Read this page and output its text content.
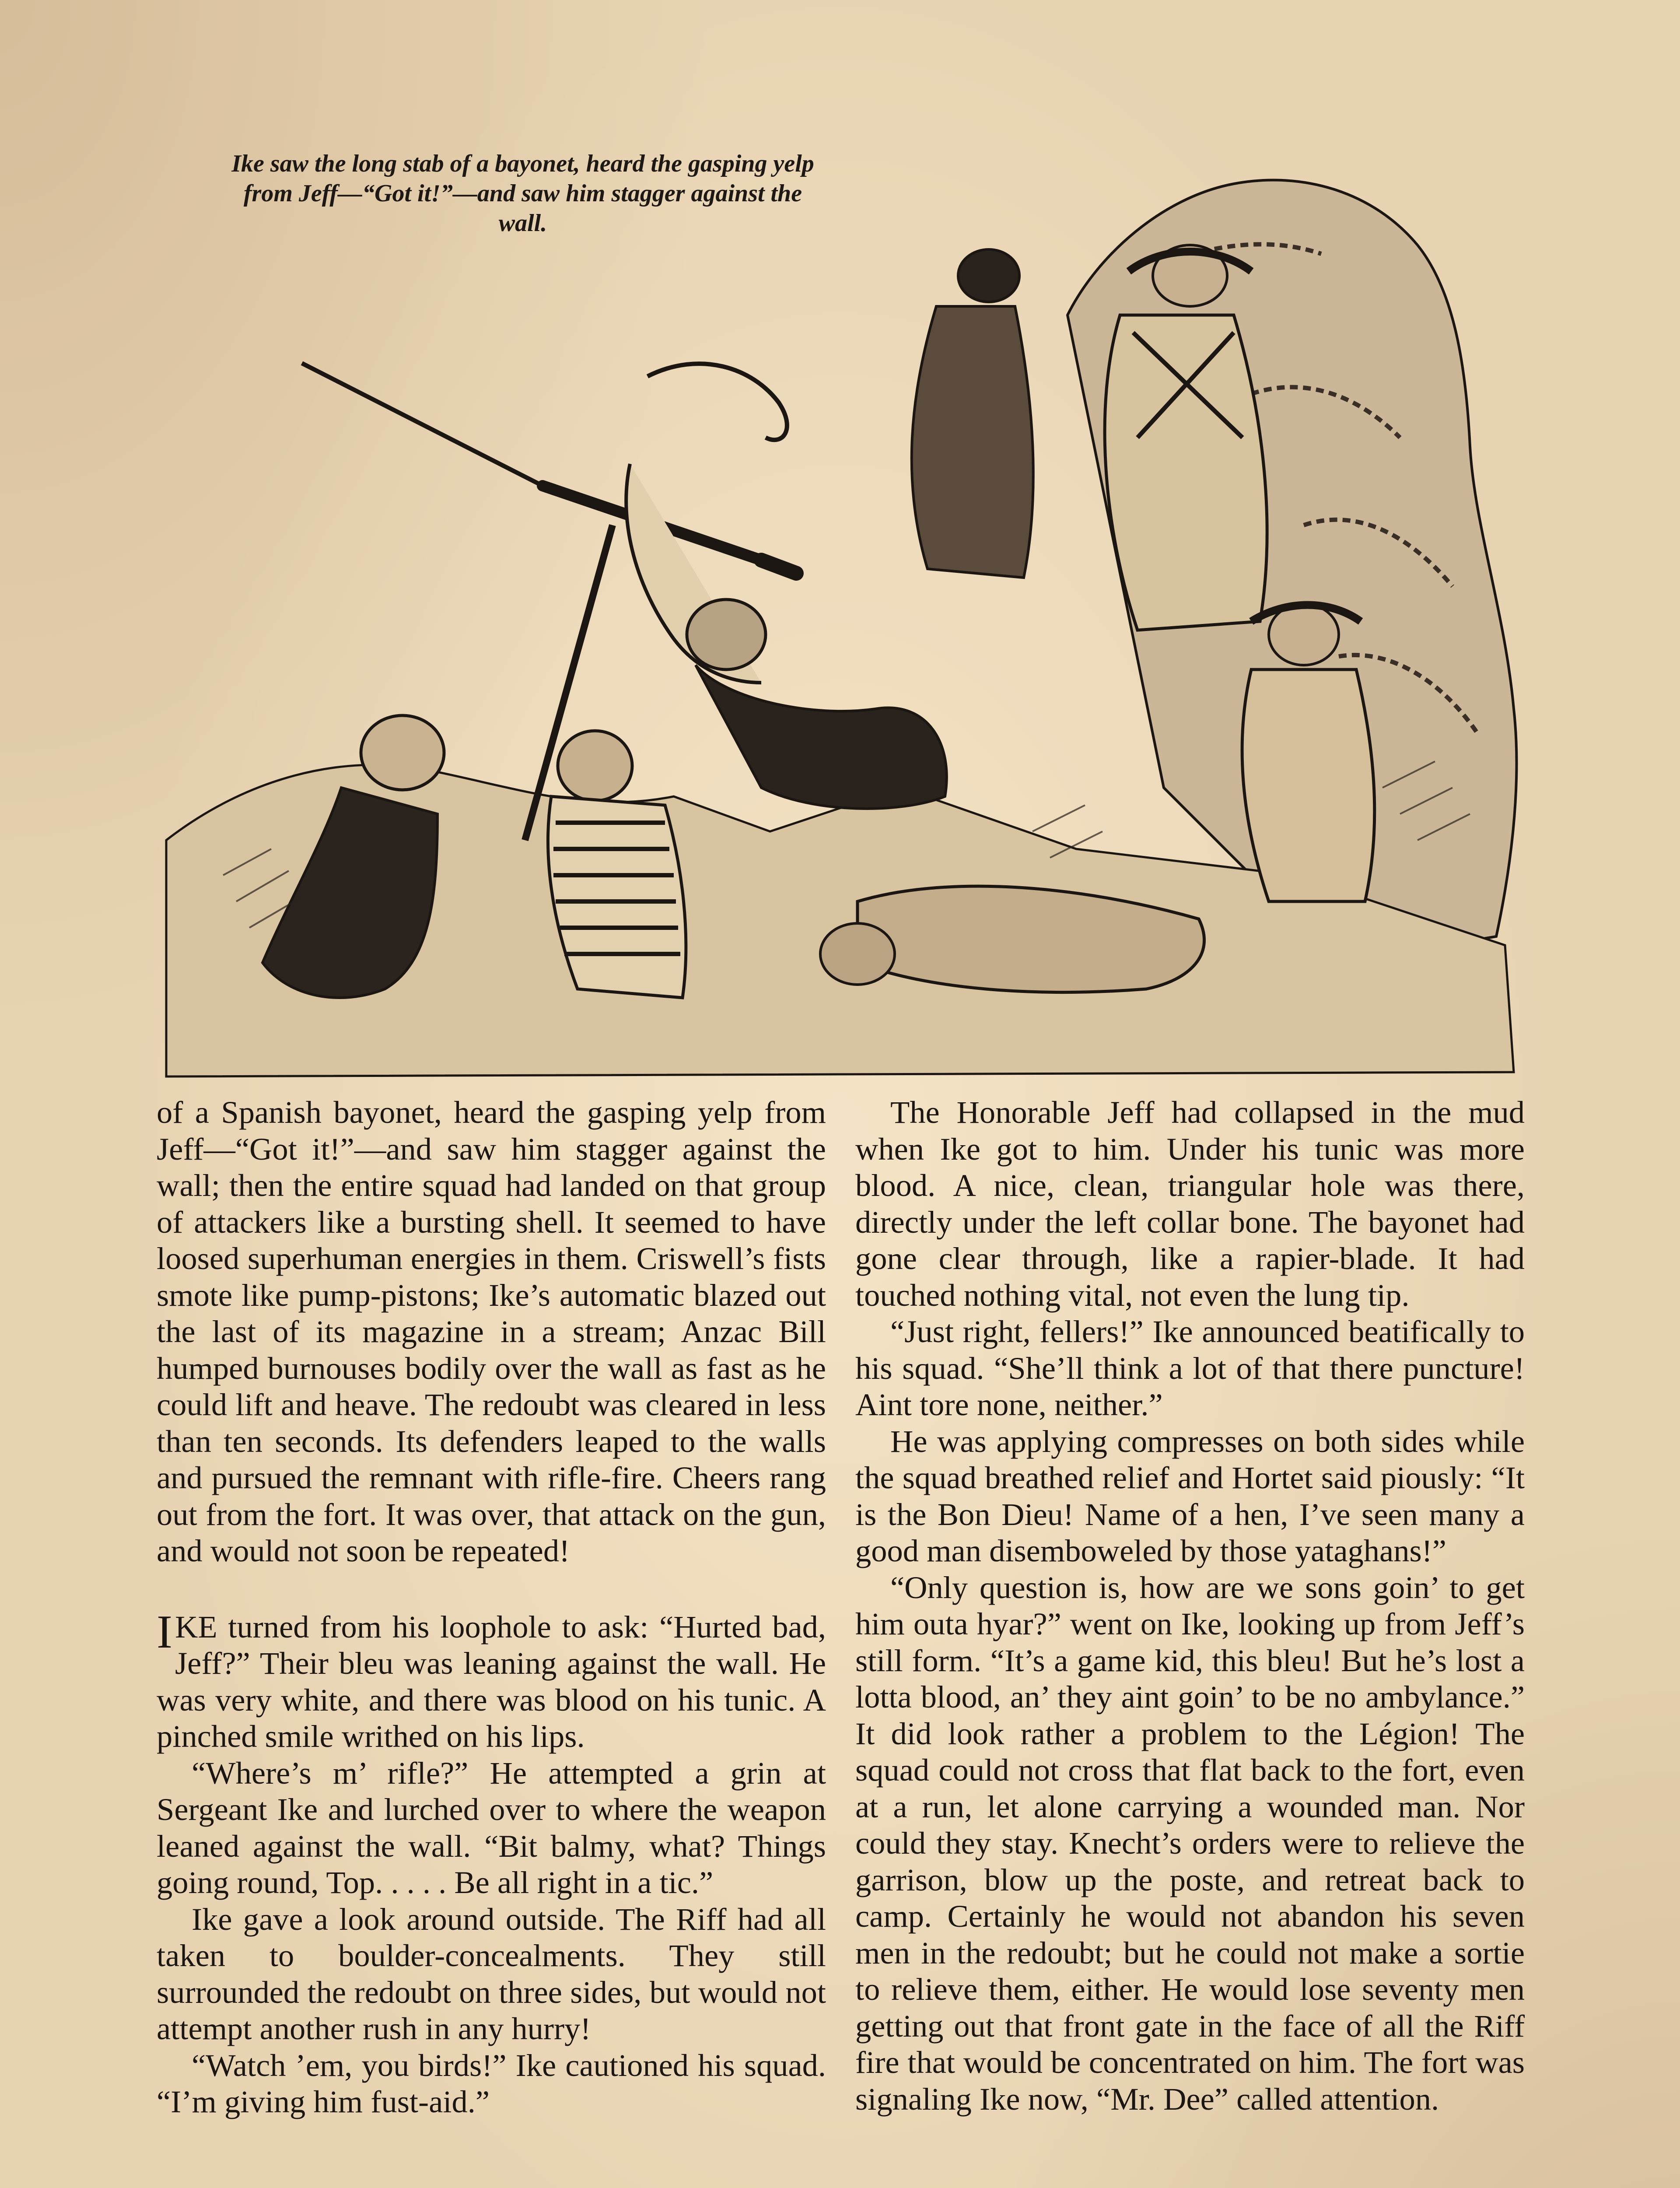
Ike saw the long stab of a bayonet, heard the gasping yelp from Jeff—“Got it!”—and saw him stagger against the wall.

of a Spanish bayonet, heard the gasping yelp from Jeff—“Got it!”—and saw him stagger against the wall; then the entire squad had landed on that group of attackers like a bursting shell. It seemed to have loosed superhuman energies in them. Criswell’s fists smote like pump-pistons; Ike’s automatic blazed out the last of its magazine in a stream; Anzac Bill humped burnouses bodily over the wall as fast as he could lift and heave. The redoubt was cleared in less than ten seconds. Its defenders leaped to the walls and pursued the remnant with rifle-fire. Cheers rang out from the fort. It was over, that attack on the gun, and would not soon be repeated!

I KE turned from his loophole to ask: “Hurted bad, Jeff?” Their bleu was leaning against the wall. He was very white, and there was blood on his tunic. A pinched smile writhed on his lips.

“Where’s m’ rifle?” He attempted a grin at Sergeant Ike and lurched over to where the weapon leaned against the wall. “Bit balmy, what? Things going round, Top. . . . . Be all right in a tic.”

Ike gave a look around outside. The Riff had all taken to boulder-concealments. They still surrounded the redoubt on three sides, but would not attempt another rush in any hurry!

“Watch ’em, you birds!” Ike cautioned his squad. “I’m giving him fust-aid.”

The Honorable Jeff had collapsed in the mud when Ike got to him. Under his tunic was more blood. A nice, clean, triangular hole was there, directly under the left collar bone. The bayonet had gone clear through, like a rapier-blade. It had touched nothing vital, not even the lung tip.

“Just right, fellers!” Ike announced beatifically to his squad. “She’ll think a lot of that there puncture! Aint tore none, neither.”

He was applying compresses on both sides while the squad breathed relief and Hortet said piously: “It is the Bon Dieu! Name of a hen, I’ve seen many a good man disemboweled by those yataghans!”

“Only question is, how are we sons goin’ to get him outa hyar?” went on Ike, looking up from Jeff’s still form. “It’s a game kid, this bleu! But he’s lost a lotta blood, an’ they aint goin’ to be no ambylance.” It did look rather a problem to the Légion! The squad could not cross that flat back to the fort, even at a run, let alone carrying a wounded man. Nor could they stay. Knecht’s orders were to relieve the garrison, blow up the poste, and retreat back to camp. Certainly he would not abandon his seven men in the redoubt; but he could not make a sortie to relieve them, either. He would lose seventy men getting out that front gate in the face of all the Riff fire that would be concentrated on him. The fort was signaling Ike now, “Mr. Dee” called attention.
